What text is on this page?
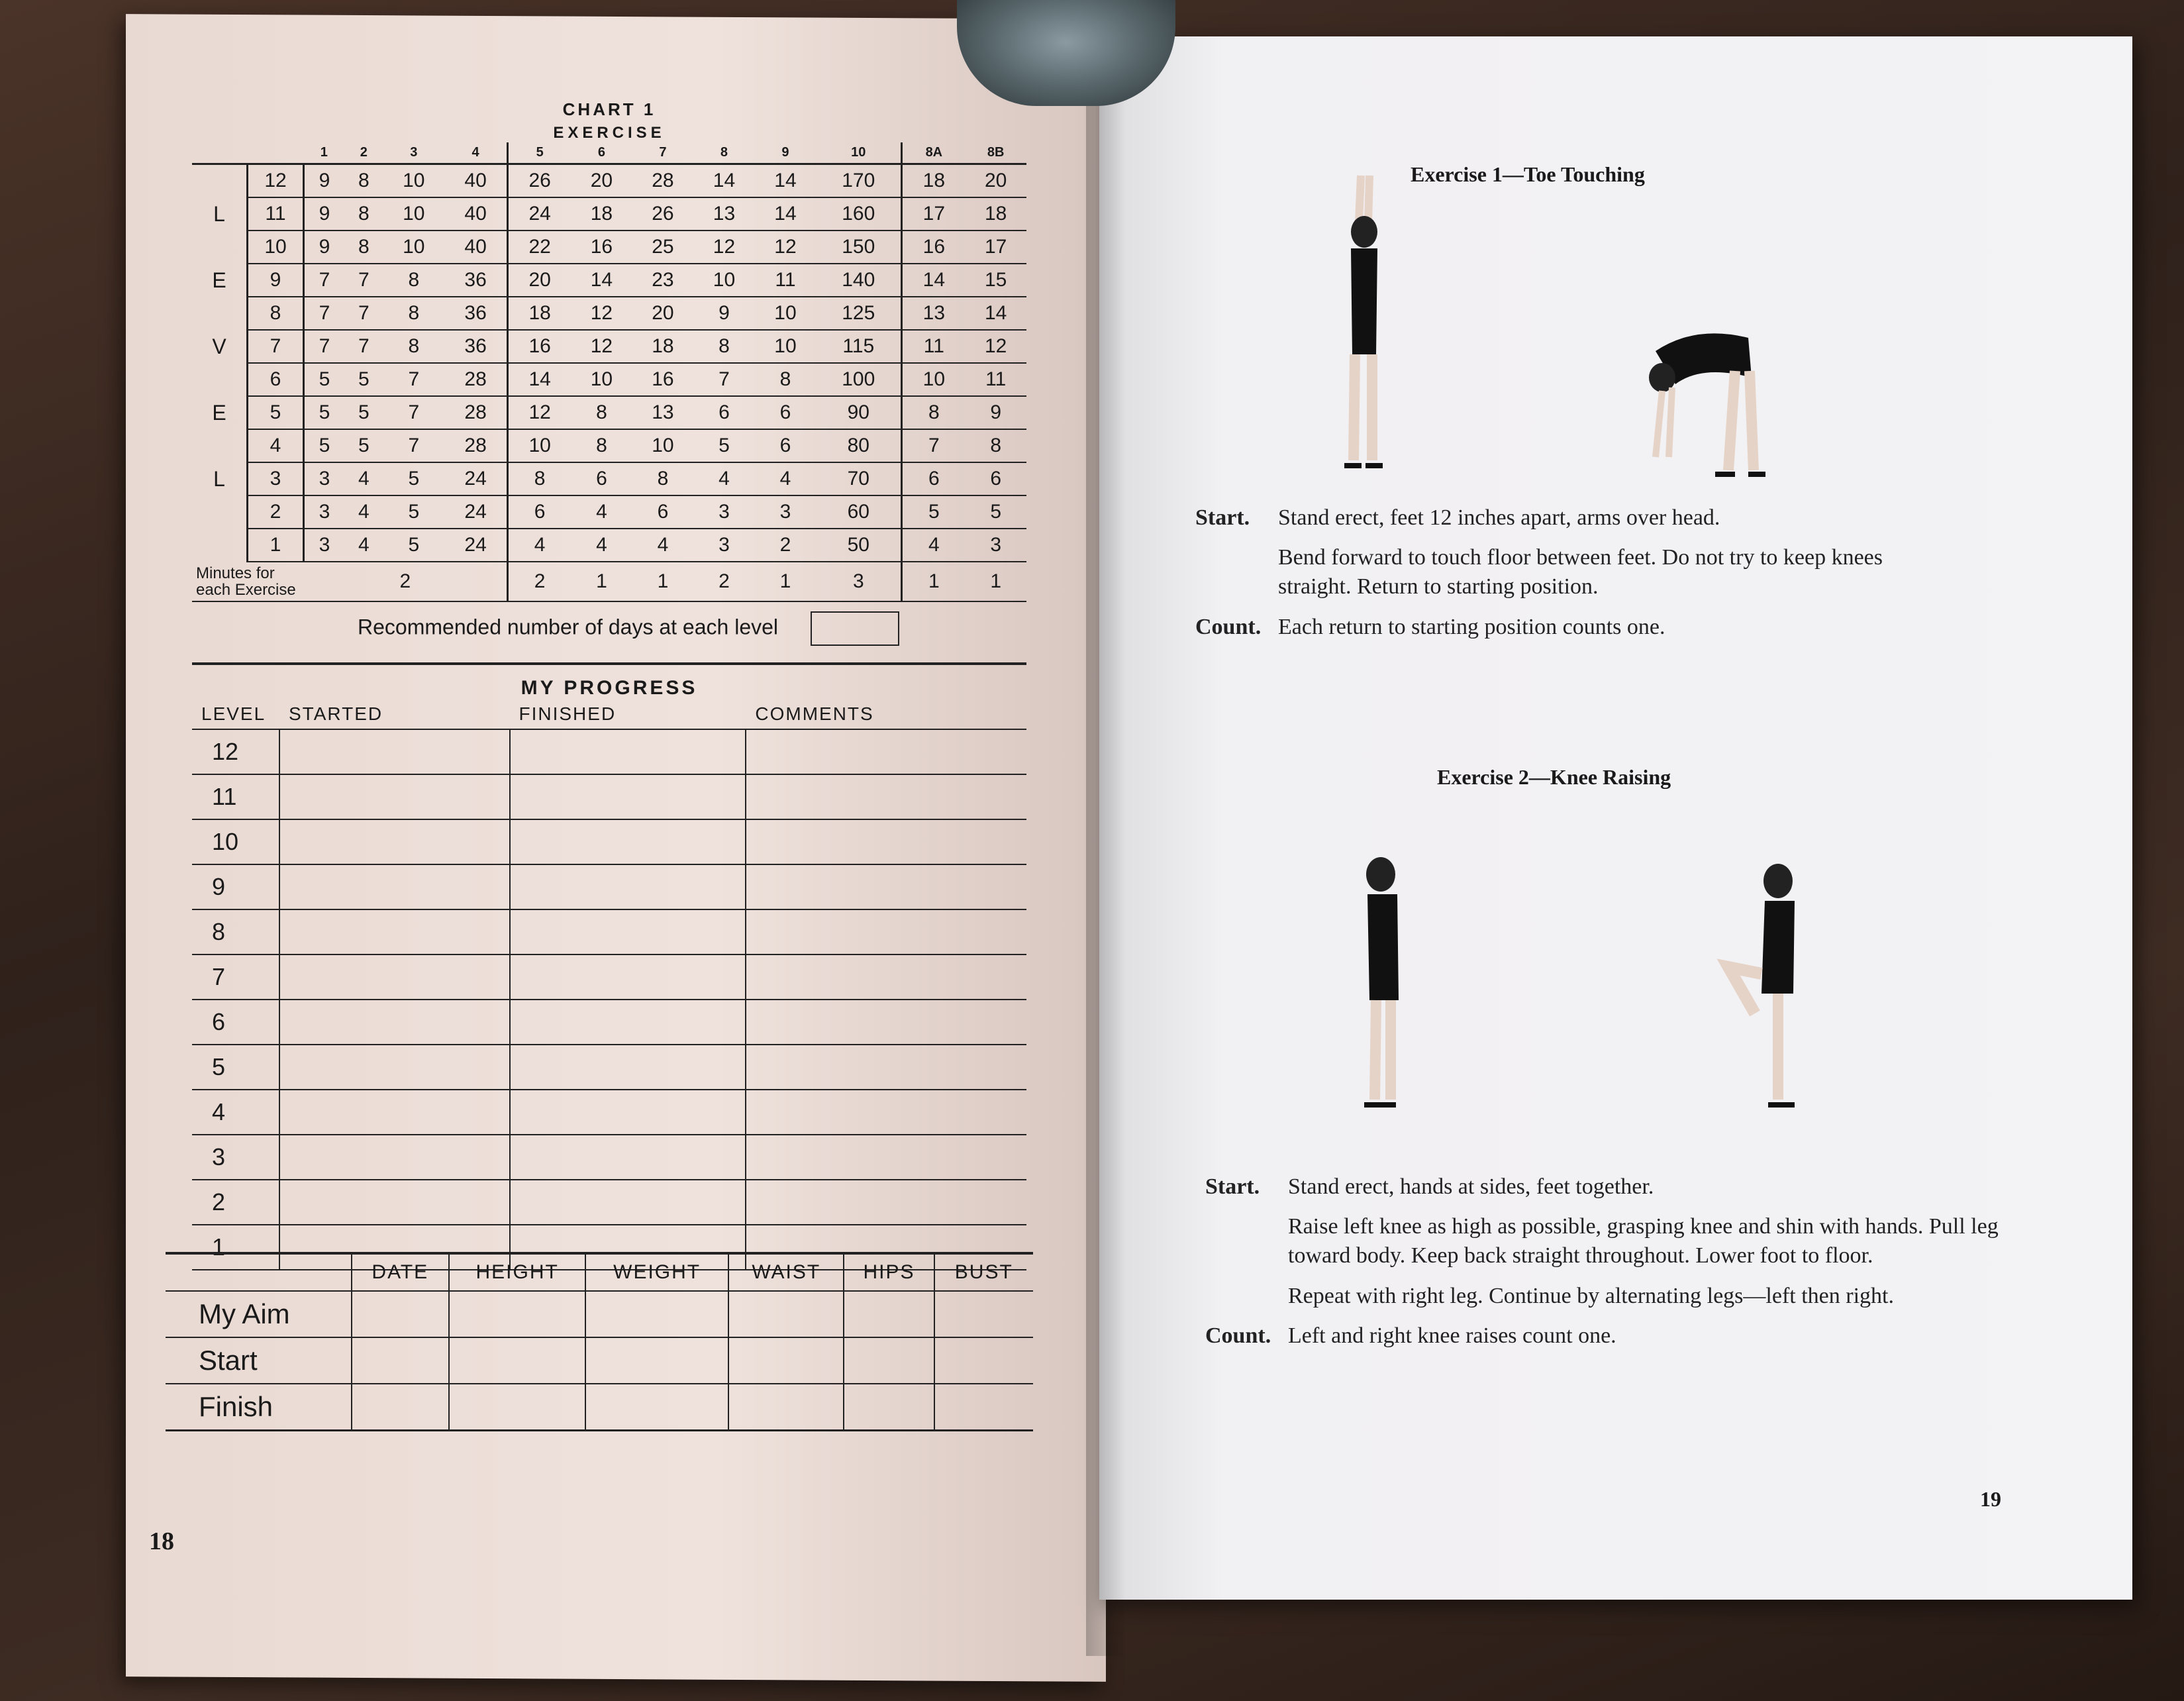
CHART 1
EXERCISE
		1	2	3	4	5	6	7	8	9	10	8A	8B
	12	9	8	10	40	26	20	28	14	14	170	18	20
L	11	9	8	10	40	24	18	26	13	14	160	17	18
	10	9	8	10	40	22	16	25	12	12	150	16	17
E	9	7	7	8	36	20	14	23	10	11	140	14	15
	8	7	7	8	36	18	12	20	9	10	125	13	14
V	7	7	7	8	36	16	12	18	8	10	115	11	12
	6	5	5	7	28	14	10	16	7	8	100	10	11
E	5	5	5	7	28	12	8	13	6	6	90	8	9
	4	5	5	7	28	10	8	10	5	6	80	7	8
L	3	3	4	5	24	8	6	8	4	4	70	6	6
	2	3	4	5	24	6	4	6	3	3	60	5	5
	1	3	4	5	24	4	4	4	3	2	50	4	3
Minutes for each Exercise		2				2	1	1	2	1	3	1	1
Recommended number of days at each level
MY PROGRESS
LEVEL	STARTED	FINISHED	COMMENTS
12			
11			
10			
9			
8			
7			
6			
5			
4			
3			
2			
1			
	DATE	HEIGHT	WEIGHT	WAIST	HIPS	BUST
My Aim						
Start						
Finish						
18
Exercise 1—Toe Touching

Start. Stand erect, feet 12 inches apart, arms over head.

Bend forward to touch floor between feet. Do not try to keep knees straight. Return to starting position.

Count. Each return to starting position counts one.

Exercise 2—Knee Raising

Start. Stand erect, hands at sides, feet together.

Raise left knee as high as possible, grasping knee and shin with hands. Pull leg toward body. Keep back straight throughout. Lower foot to floor.

Repeat with right leg. Continue by alternating legs—left then right.

Count. Left and right knee raises count one.

19
